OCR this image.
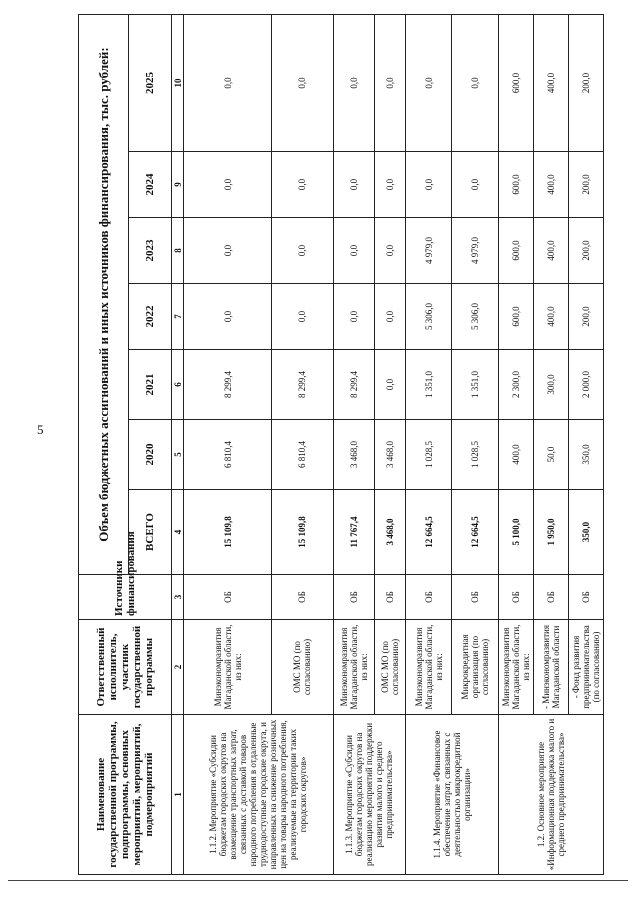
5
Наименование государственной программы, подпрограммы, основных мероприятий, мероприятий, подмероприятий	Ответственный исполнитель, участник государственной программы	Источники финансирования	Объем бюджетных ассигнований и иных источников финансирования, тыс. рублей:						
			ВСЕГО	2020	2021	2022	2023	2024	2025
1	2	3	4	5	6	7	8	9	10
1.1.2. Мероприятие «Субсидии бюджетам городских округов на возмещение транспортных затрат, связанных с доставкой товаров народного потребления в отдаленные труднодоступные городские округа, и направленных на снижение розничных цен на товары народного потребления, реализуемые на территории таких городских округов»	Минэкономразвития Магаданской области, из них:	ОБ	15 109,8	6 810,4	8 299,4	0,0	0,0	0,0	0,0
	ОМС МО (по согласованию)	ОБ	15 109,8	6 810,4	8 299,4	0,0	0,0	0,0	0,0
1.1.3. Мероприятие «Субсидии бюджетам городских округов на реализацию мероприятий поддержки развития малого и среднего предпринимательства»	Минэкономразвития Магаданской области, из них:	ОБ	11 767,4	3 468,0	8 299,4	0,0	0,0	0,0	0,0
	ОМС МО (по согласованию)	ОБ	3 468,0	3 468,0	0,0	0,0	0,0	0,0	0,0
1.1.4. Мероприятие «Финансовое обеспечение затрат, связанных с деятельностью микрокредитной организации»	Минэкономразвития Магаданской области, из них:	ОБ	12 664,5	1 028,5	1 351,0	5 306,0	4 979,0	0,0	0,0
	Микрокредитная организация (по согласованию)	ОБ	12 664,5	1 028,5	1 351,0	5 306,0	4 979,0	0,0	0,0
1.2. Основное мероприятие «Информационная поддержка малого и среднего предпринимательства»	Минэкономразвития Магаданской области, из них:	ОБ	5 100,0	400,0	2 300,0	600,0	600,0	600,0	600,0
	- Минэкономразвития Магаданской области	ОБ	1 950,0	50,0	300,0	400,0	400,0	400,0	400,0
	- Фонд развития предпринимательства (по согласованию)	ОБ	350,0	350,0	2 000,0	200,0	200,0	200,0	200,0
